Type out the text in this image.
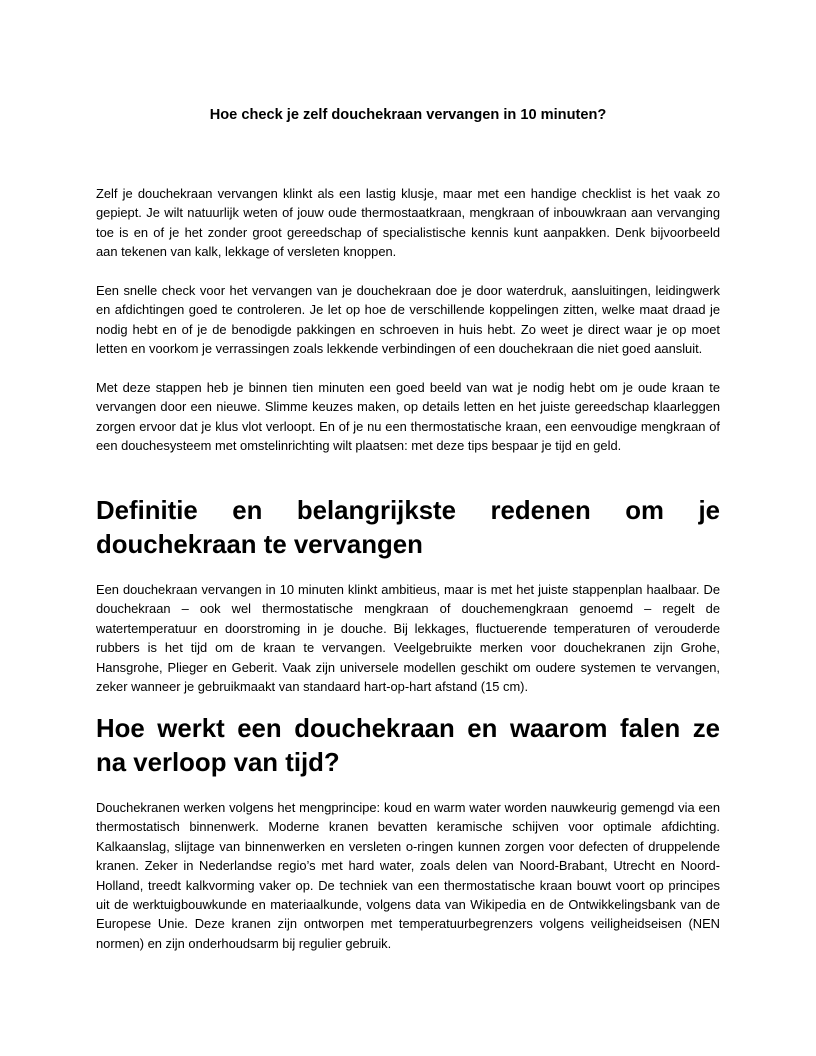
Hoe check je zelf douchekraan vervangen in 10 minuten?

Zelf je douchekraan vervangen klinkt als een lastig klusje, maar met een handige checklist is het vaak zo gepiept. Je wilt natuurlijk weten of jouw oude thermostaatkraan, mengkraan of inbouwkraan aan vervanging toe is en of je het zonder groot gereedschap of specialistische kennis kunt aanpakken. Denk bijvoorbeeld aan tekenen van kalk, lekkage of versleten knoppen.

Een snelle check voor het vervangen van je douchekraan doe je door waterdruk, aansluitingen, leidingwerk en afdichtingen goed te controleren. Je let op hoe de verschillende koppelingen zitten, welke maat draad je nodig hebt en of je de benodigde pakkingen en schroeven in huis hebt. Zo weet je direct waar je op moet letten en voorkom je verrassingen zoals lekkende verbindingen of een douchekraan die niet goed aansluit.

Met deze stappen heb je binnen tien minuten een goed beeld van wat je nodig hebt om je oude kraan te vervangen door een nieuwe. Slimme keuzes maken, op details letten en het juiste gereedschap klaarleggen zorgen ervoor dat je klus vlot verloopt. En of je nu een thermostatische kraan, een eenvoudige mengkraan of een douchesysteem met omstelinrichting wilt plaatsen: met deze tips bespaar je tijd en geld.

Definitie en belangrijkste redenen om je
douchekraan te vervangen

Een douchekraan vervangen in 10 minuten klinkt ambitieus, maar is met het juiste stappenplan haalbaar. De douchekraan – ook wel thermostatische mengkraan of douchemengkraan genoemd – regelt de watertemperatuur en doorstroming in je douche. Bij lekkages, fluctuerende temperaturen of verouderde rubbers is het tijd om de kraan te vervangen. Veelgebruikte merken voor douchekranen zijn Grohe, Hansgrohe, Plieger en Geberit. Vaak zijn universele modellen geschikt om oudere systemen te vervangen, zeker wanneer je gebruikmaakt van standaard hart-op-hart afstand (15 cm).

Hoe werkt een douchekraan en waarom falen ze
na verloop van tijd?

Douchekranen werken volgens het mengprincipe: koud en warm water worden nauwkeurig gemengd via een thermostatisch binnenwerk. Moderne kranen bevatten keramische schijven voor optimale afdichting. Kalkaanslag, slijtage van binnenwerken en versleten o-ringen kunnen zorgen voor defecten of druppelende kranen. Zeker in Nederlandse regio’s met hard water, zoals delen van Noord-Brabant, Utrecht en Noord-Holland, treedt kalkvorming vaker op. De techniek van een thermostatische kraan bouwt voort op principes uit de werktuigbouwkunde en materiaalkunde, volgens data van Wikipedia en de Ontwikkelingsbank van de Europese Unie. Deze kranen zijn ontworpen met temperatuurbegrenzers volgens veiligheidseisen (NEN normen) en zijn onderhoudsarm bij regulier gebruik.
